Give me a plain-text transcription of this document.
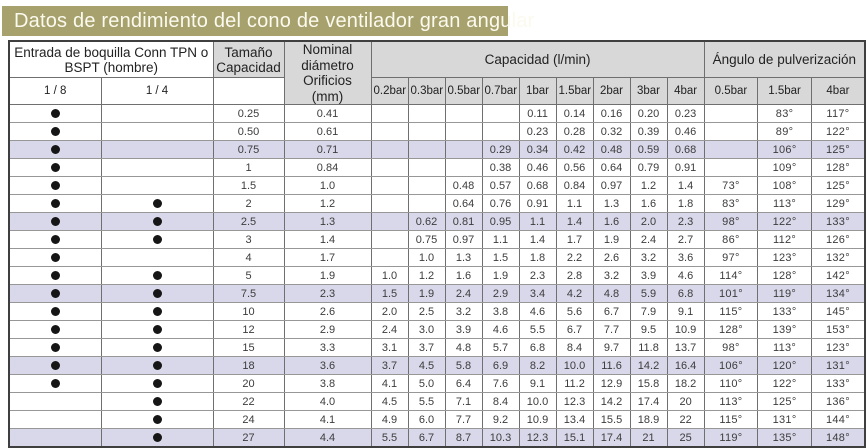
Datos de rendimiento del cono de ventilador gran angular
Entrada de boquilla Conn TPN o BSPT (hombre)		Tamaño Capacidad	Nominal diámetro Orificios (mm)	Capacidad (l/min)									Ángulo de pulverización		
1 / 8	1 / 4			0.2bar	0.3bar	0.5bar	0.7bar	1bar	1.5bar	2bar	3bar	4bar	0.5bar	1.5bar	4bar
		0.25	0.41					0.11	0.14	0.16	0.20	0.23		83°	117°
		0.50	0.61					0.23	0.28	0.32	0.39	0.46		89°	122°
		0.75	0.71				0.29	0.34	0.42	0.48	0.59	0.68		106°	125°
		1	0.84				0.38	0.46	0.56	0.64	0.79	0.91		109°	128°
		1.5	1.0			0.48	0.57	0.68	0.84	0.97	1.2	1.4	73°	108°	125°
		2	1.2			0.64	0.76	0.91	1.1	1.3	1.6	1.8	83°	113°	129°
		2.5	1.3		0.62	0.81	0.95	1.1	1.4	1.6	2.0	2.3	98°	122°	133°
		3	1.4		0.75	0.97	1.1	1.4	1.7	1.9	2.4	2.7	86°	112°	126°
		4	1.7		1.0	1.3	1.5	1.8	2.2	2.6	3.2	3.6	97°	123°	132°
		5	1.9	1.0	1.2	1.6	1.9	2.3	2.8	3.2	3.9	4.6	114°	128°	142°
		7.5	2.3	1.5	1.9	2.4	2.9	3.4	4.2	4.8	5.9	6.8	101°	119°	134°
		10	2.6	2.0	2.5	3.2	3.8	4.6	5.6	6.7	7.9	9.1	115°	133°	145°
		12	2.9	2.4	3.0	3.9	4.6	5.5	6.7	7.7	9.5	10.9	128°	139°	153°
		15	3.3	3.1	3.7	4.8	5.7	6.8	8.4	9.7	11.8	13.7	98°	113°	123°
		18	3.6	3.7	4.5	5.8	6.9	8.2	10.0	11.6	14.2	16.4	106°	120°	131°
		20	3.8	4.1	5.0	6.4	7.6	9.1	11.2	12.9	15.8	18.2	110°	122°	133°
		22	4.0	4.5	5.5	7.1	8.4	10.0	12.3	14.2	17.4	20	113°	125°	136°
		24	4.1	4.9	6.0	7.7	9.2	10.9	13.4	15.5	18.9	22	115°	131°	144°
		27	4.4	5.5	6.7	8.7	10.3	12.3	15.1	17.4	21	25	119°	135°	148°
